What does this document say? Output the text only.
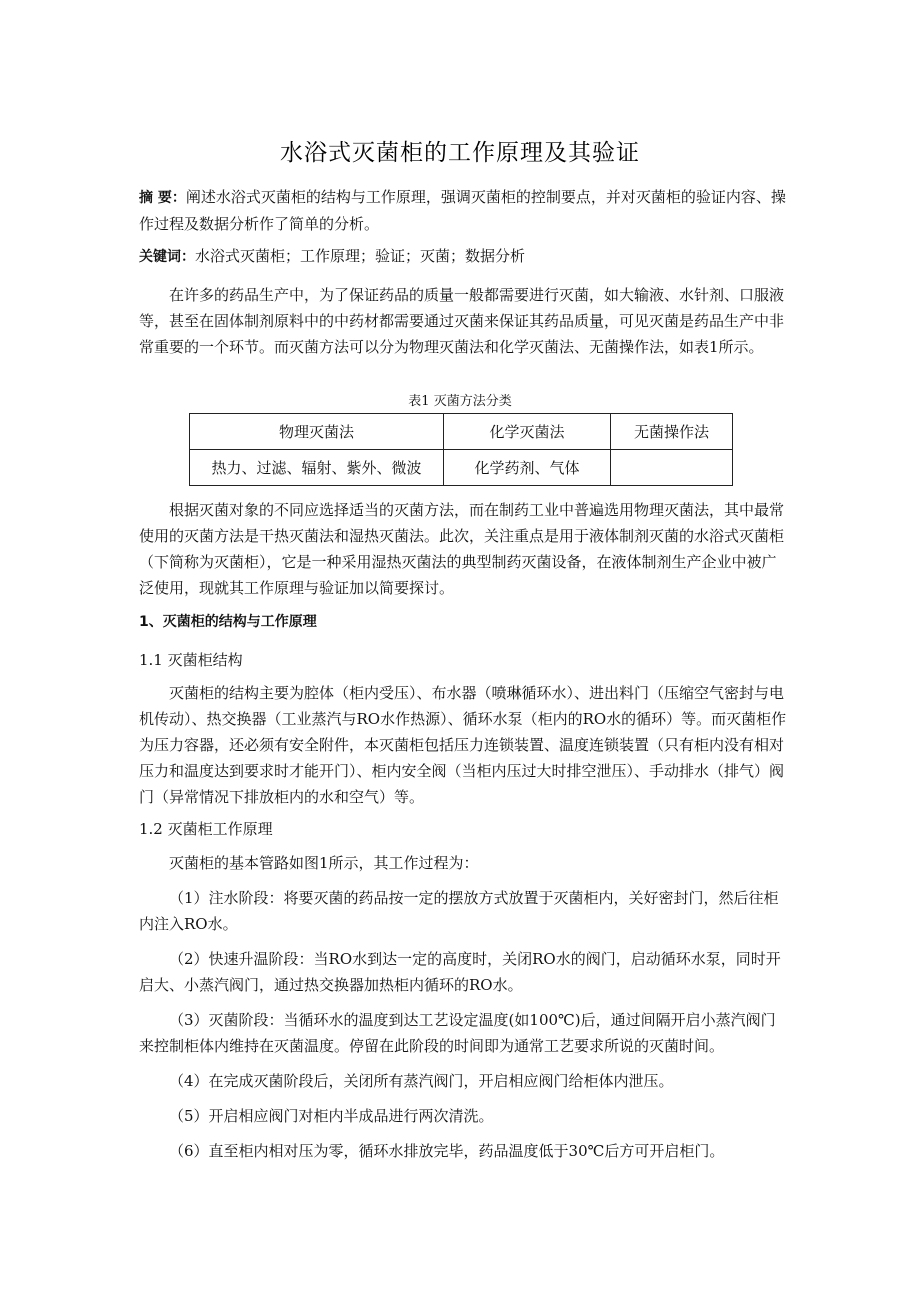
水浴式灭菌柜的工作原理及其验证
摘 要：阐述水浴式灭菌柜的结构与工作原理，强调灭菌柜的控制要点，并对灭菌柜的验证内容、操作过程及数据分析作了简单的分析。
关键词：水浴式灭菌柜；工作原理；验证；灭菌；数据分析
在许多的药品生产中，为了保证药品的质量一般都需要进行灭菌，如大输液、水针剂、口服液等，甚至在固体制剂原料中的中药材都需要通过灭菌来保证其药品质量，可见灭菌是药品生产中非常重要的一个环节。而灭菌方法可以分为物理灭菌法和化学灭菌法、无菌操作法，如表1所示。
表1 灭菌方法分类
物理灭菌法	化学灭菌法	无菌操作法
热力、过滤、辐射、紫外、微波	化学药剂、气体	
根据灭菌对象的不同应选择适当的灭菌方法，而在制药工业中普遍选用物理灭菌法，其中最常使用的灭菌方法是干热灭菌法和湿热灭菌法。此次，关注重点是用于液体制剂灭菌的水浴式灭菌柜（下简称为灭菌柜），它是一种采用湿热灭菌法的典型制药灭菌设备，在液体制剂生产企业中被广泛使用，现就其工作原理与验证加以简要探讨。
1、灭菌柜的结构与工作原理
1.1 灭菌柜结构
灭菌柜的结构主要为腔体（柜内受压）、布水器（喷琳循环水）、进出料门（压缩空气密封与电机传动）、热交换器（工业蒸汽与RO水作热源）、循环水泵（柜内的RO水的循环）等。而灭菌柜作为压力容器，还必须有安全附件，本灭菌柜包括压力连锁装置、温度连锁装置（只有柜内没有相对压力和温度达到要求时才能开门）、柜内安全阀（当柜内压过大时排空泄压）、手动排水（排气）阀门（异常情况下排放柜内的水和空气）等。
1.2 灭菌柜工作原理
灭菌柜的基本管路如图1所示，其工作过程为：
（1）注水阶段：将要灭菌的药品按一定的摆放方式放置于灭菌柜内，关好密封门，然后往柜内注入RO水。
（2）快速升温阶段：当RO水到达一定的高度时，关闭RO水的阀门，启动循环水泵，同时开启大、小蒸汽阀门，通过热交换器加热柜内循环的RO水。
（3）灭菌阶段：当循环水的温度到达工艺设定温度(如100℃)后，通过间隔开启小蒸汽阀门来控制柜体内维持在灭菌温度。停留在此阶段的时间即为通常工艺要求所说的灭菌时间。
（4）在完成灭菌阶段后，关闭所有蒸汽阀门，开启相应阀门给柜体内泄压。
（5）开启相应阀门对柜内半成品进行两次清洗。
（6）直至柜内相对压为零，循环水排放完毕，药品温度低于30℃后方可开启柜门。
